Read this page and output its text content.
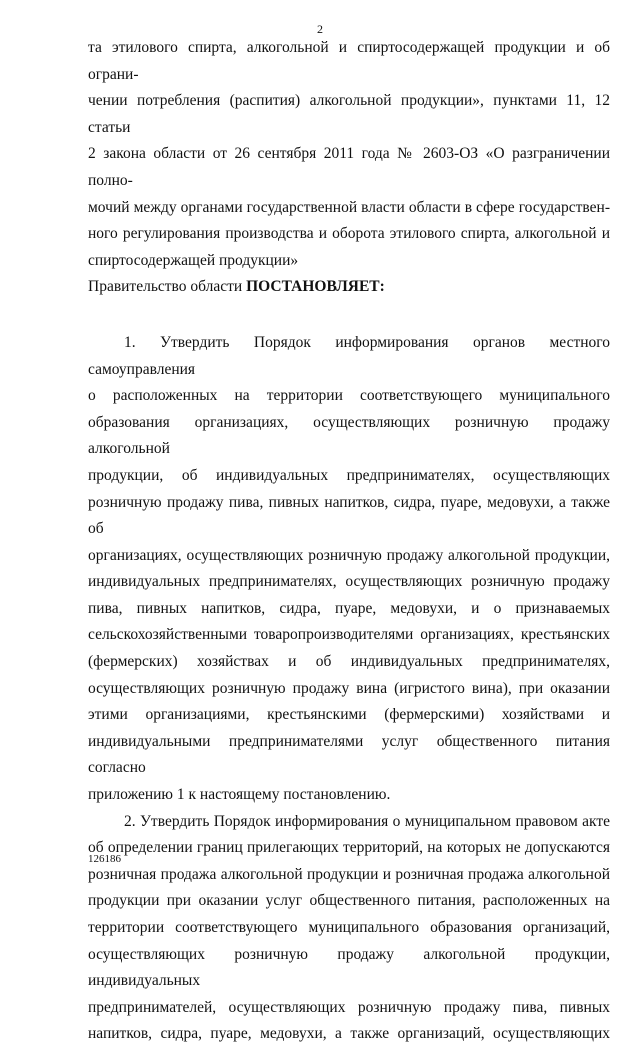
2

та этилового спирта, алкогольной и спиртосодержащей продукции и об ограни-

чении потребления (распития) алкогольной продукции», пунктами 11, 12 статьи

2 закона области от 26 сентября 2011 года № 2603-ОЗ «О разграничении полно-

мочий между органами государственной власти области в сфере государствен-

ного регулирования производства и оборота этилового спирта, алкогольной и

спиртосодержащей продукции»

Правительство области ПОСТАНОВЛЯЕТ:

1. Утвердить Порядок информирования органов местного самоуправления

о расположенных на территории соответствующего муниципального

образования организациях, осуществляющих розничную продажу алкогольной

продукции, об индивидуальных предпринимателях, осуществляющих

розничную продажу пива, пивных напитков, сидра, пуаре, медовухи, а также об

организациях, осуществляющих розничную продажу алкогольной продукции,

индивидуальных предпринимателях, осуществляющих розничную продажу

пива, пивных напитков, сидра, пуаре, медовухи, и о признаваемых

сельскохозяйственными товаропроизводителями организациях, крестьянских

(фермерских) хозяйствах и об индивидуальных предпринимателях,

осуществляющих розничную продажу вина (игристого вина), при оказании

этими организациями, крестьянскими (фермерскими) хозяйствами и

индивидуальными предпринимателями услуг общественного питания согласно

приложению 1 к настоящему постановлению.

2. Утвердить Порядок информирования о муниципальном правовом акте

об определении границ прилегающих территорий, на которых не допускаются

розничная продажа алкогольной продукции и розничная продажа алкогольной

продукции при оказании услуг общественного питания, расположенных на

территории соответствующего муниципального образования организаций,

осуществляющих розничную продажу алкогольной продукции, индивидуальных

предпринимателей, осуществляющих розничную продажу пива, пивных

напитков, сидра, пуаре, медовухи, а также организаций, осуществляющих

126186
